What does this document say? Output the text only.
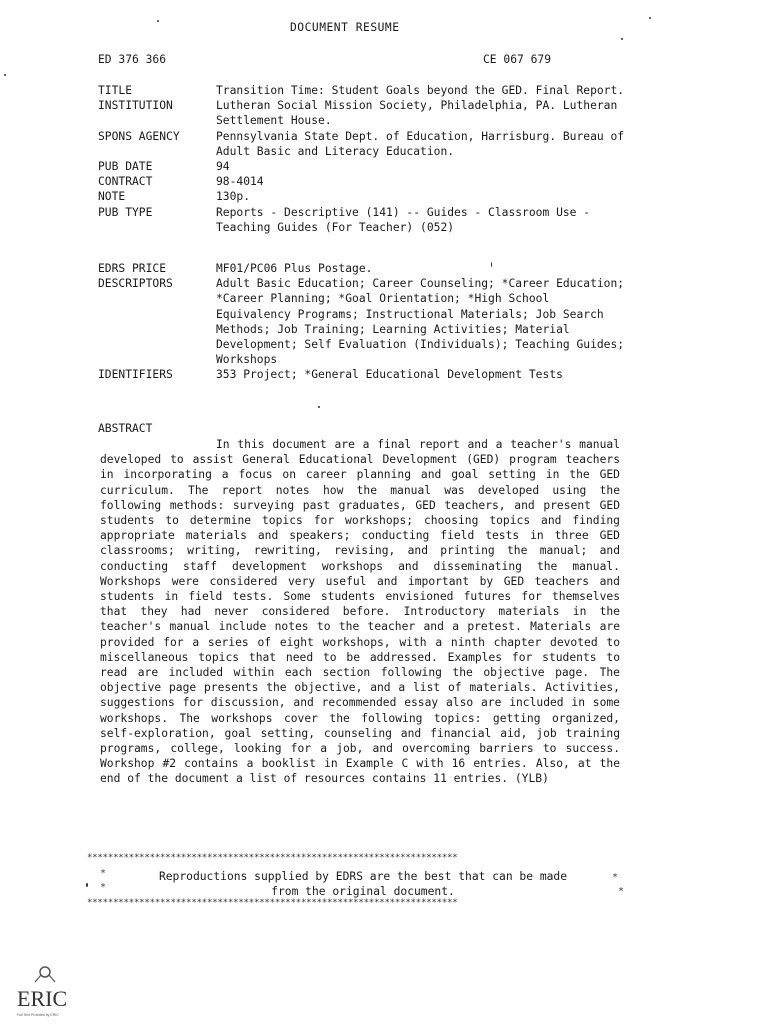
DOCUMENT RESUME
ED 376 366	CE 067 679
TITLE	Transition Time: Student Goals beyond the GED. Final Report.
INSTITUTION	Lutheran Social Mission Society, Philadelphia, PA. Lutheran Settlement House.
SPONS AGENCY	Pennsylvania State Dept. of Education, Harrisburg. Bureau of Adult Basic and Literacy Education.
PUB DATE	94
CONTRACT	98-4014
NOTE	130p.
PUB TYPE	Reports - Descriptive (141) -- Guides - Classroom Use - Teaching Guides (For Teacher) (052)
EDRS PRICE	MF01/PC06 Plus Postage.
DESCRIPTORS	Adult Basic Education; Career Counseling; *Career Education; *Career Planning; *Goal Orientation; *High School Equivalency Programs; Instructional Materials; Job Search Methods; Job Training; Learning Activities; Material Development; Self Evaluation (Individuals); Teaching Guides; Workshops
IDENTIFIERS	353 Project; *General Educational Development Tests
ABSTRACT
In this document are a final report and a teacher's manual developed to assist General Educational Development (GED) program teachers in incorporating a focus on career planning and goal setting in the GED curriculum. The report notes how the manual was developed using the following methods: surveying past graduates, GED teachers, and present GED students to determine topics for workshops; choosing topics and finding appropriate materials and speakers; conducting field tests in three GED classrooms; writing, rewriting, revising, and printing the manual; and conducting staff development workshops and disseminating the manual. Workshops were considered very useful and important by GED teachers and students in field tests. Some students envisioned futures for themselves that they had never considered before. Introductory materials in the teacher's manual include notes to the teacher and a pretest. Materials are provided for a series of eight workshops, with a ninth chapter devoted to miscellaneous topics that need to be addressed. Examples for students to read are included within each section following the objective page. The objective page presents the objective, and a list of materials. Activities, suggestions for discussion, and recommended essay also are included in some workshops. The workshops cover the following topics: getting organized, self-exploration, goal setting, counseling and financial aid, job training programs, college, looking for a job, and overcoming barriers to success. Workshop #2 contains a booklist in Example C with 16 entries. Also, at the end of the document a list of resources contains 11 entries. (YLB)
***********************************************************************
*
*
Reproductions supplied by EDRS are the best that can be made
from the original document.
*
*
***********************************************************************
ERIC
Full Text Provided by ERIC
